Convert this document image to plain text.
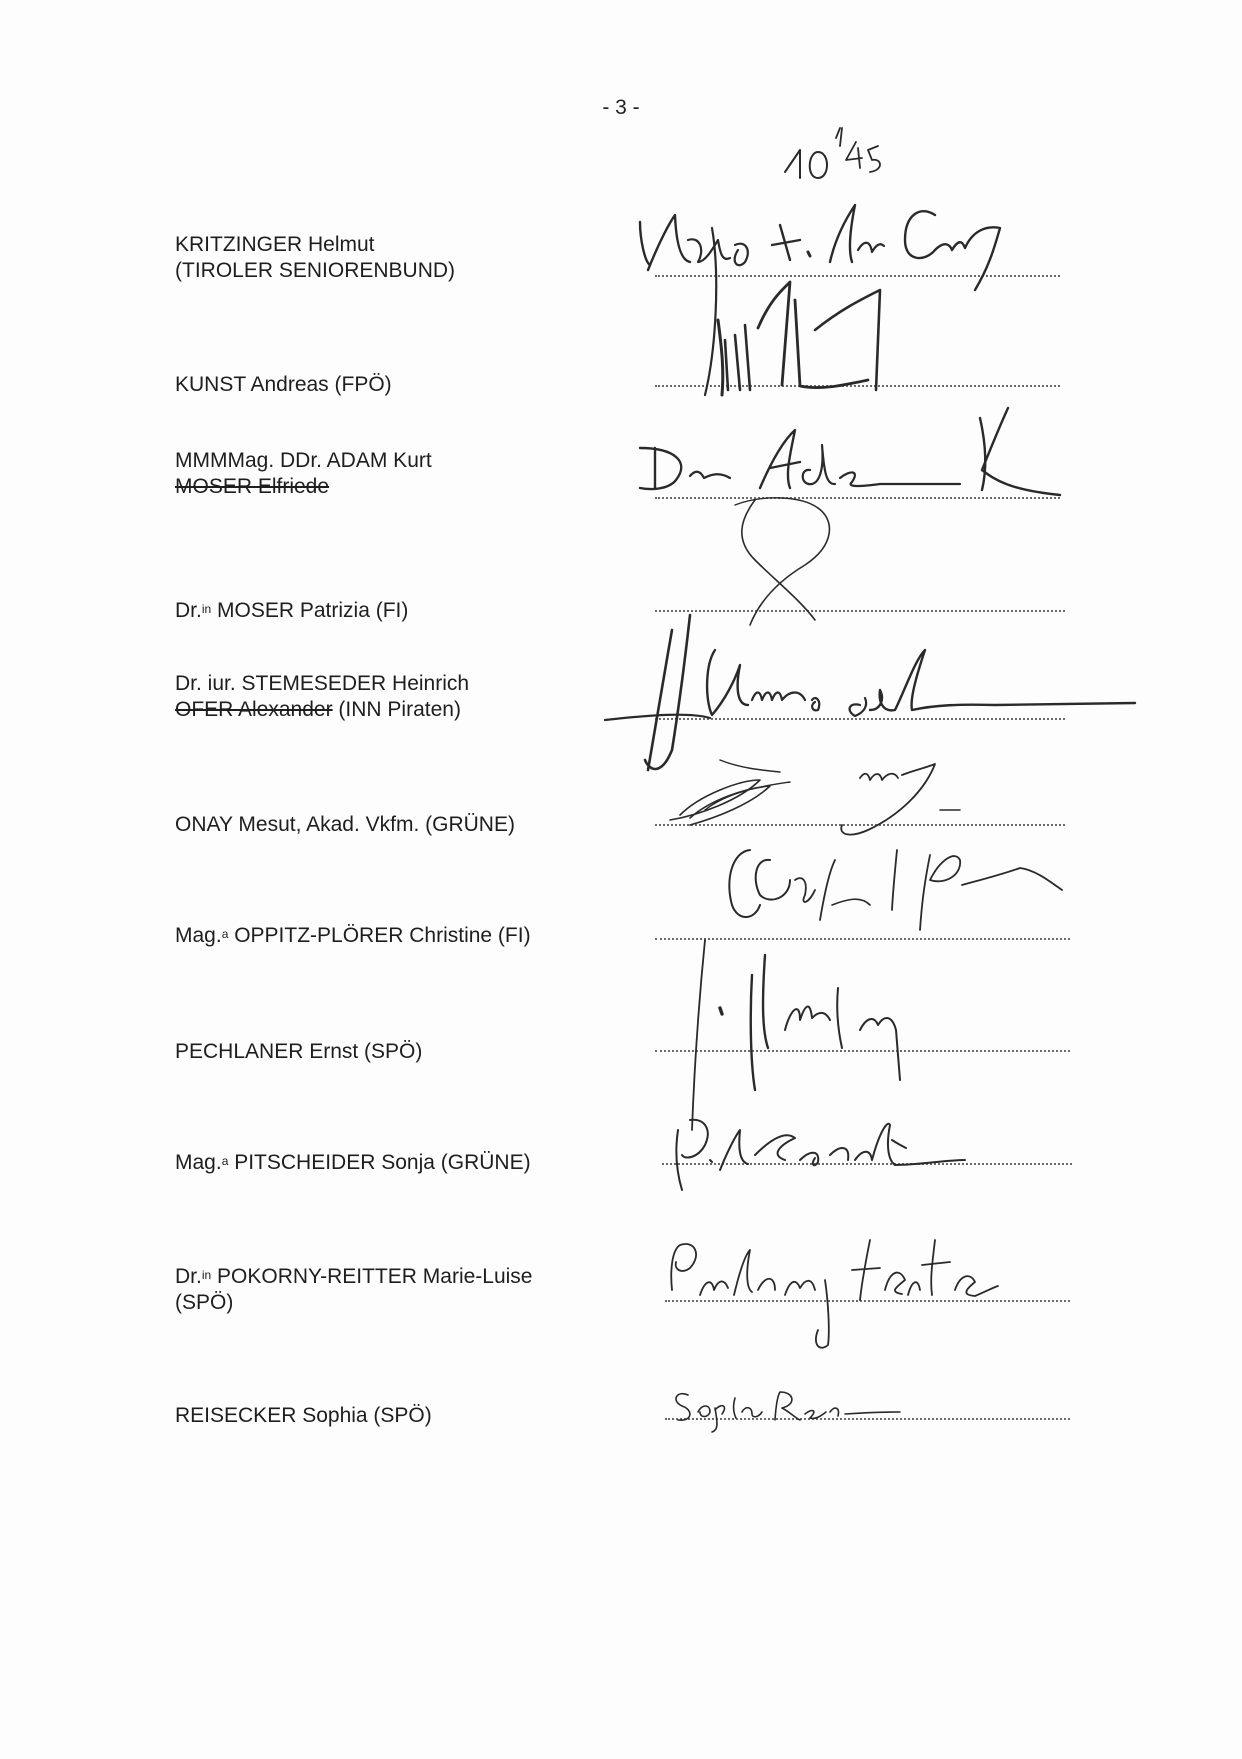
- 3 -
KRITZINGER Helmut
(TIROLER SENIORENBUND)
KUNST Andreas (FPÖ)
MMMMag. DDr. ADAM Kurt
MOSER Elfriede
Dr.$^{in}$ MOSER Patrizia (FI)
Dr. iur. STEMESEDER Heinrich
OFER Alexander (INN Piraten)
ONAY Mesut, Akad. Vkfm. (GRÜNE)
Mag.$^a$ OPPITZ-PLÖRER Christine (FI)
PECHLANER Ernst (SPÖ)
Mag.$^a$ PITSCHEIDER Sonja (GRÜNE)
Dr.$^{in}$ POKORNY-REITTER Marie-Luise
(SPÖ)
REISECKER Sophia (SPÖ)
